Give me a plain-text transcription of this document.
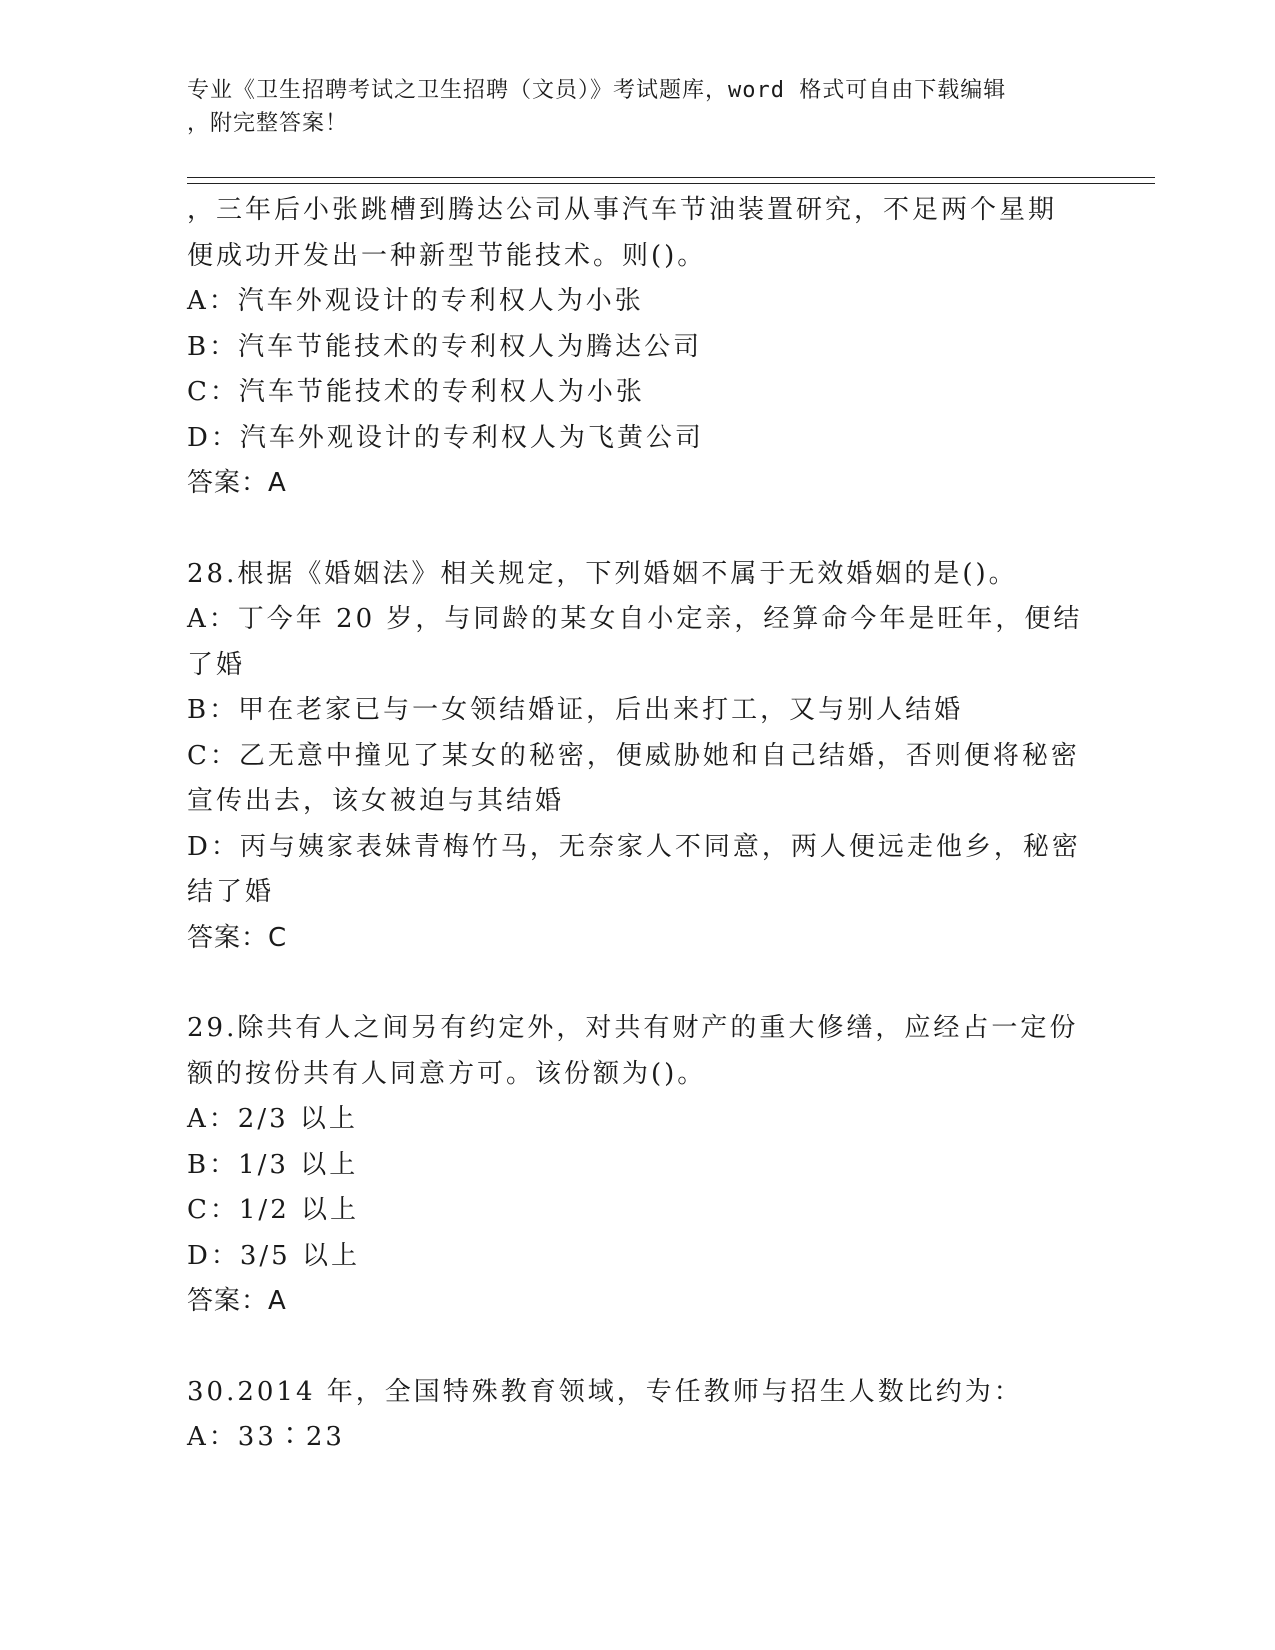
专业《卫生招聘考试之卫生招聘（文员）》考试题库，word 格式可自由下载编辑
，附完整答案！
，三年后小张跳槽到腾达公司从事汽车节油装置研究，不足两个星期
便成功开发出一种新型节能技术。则()。
A：汽车外观设计的专利权人为小张
B：汽车节能技术的专利权人为腾达公司
C：汽车节能技术的专利权人为小张
D：汽车外观设计的专利权人为飞黄公司
答案：A
28.根据《婚姻法》相关规定，下列婚姻不属于无效婚姻的是()。
A：丁今年 20 岁，与同龄的某女自小定亲，经算命今年是旺年，便结
了婚
B：甲在老家已与一女领结婚证，后出来打工，又与别人结婚
C：乙无意中撞见了某女的秘密，便威胁她和自己结婚，否则便将秘密
宣传出去，该女被迫与其结婚
D：丙与姨家表妹青梅竹马，无奈家人不同意，两人便远走他乡，秘密
结了婚
答案：C
29.除共有人之间另有约定外，对共有财产的重大修缮，应经占一定份
额的按份共有人同意方可。该份额为()。
A：2/3 以上
B：1/3 以上
C：1/2 以上
D：3/5 以上
答案：A
30.2014 年，全国特殊教育领域，专任教师与招生人数比约为：
A：33∶23
